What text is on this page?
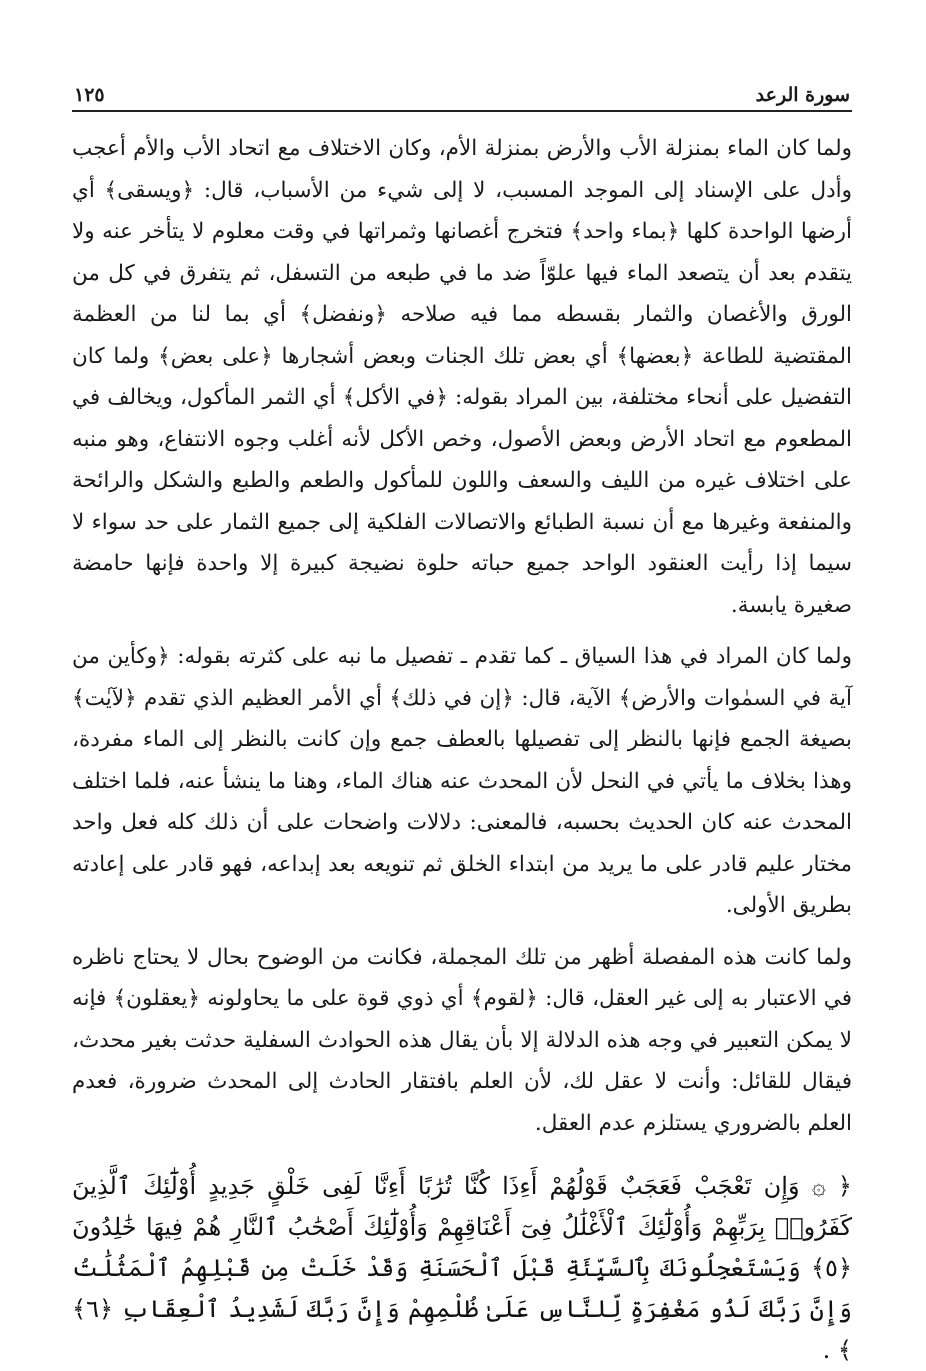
سورة الرعد
١٢٥

ولما كان الماء بمنزلة الأب والأرض بمنزلة الأم، وكان الاختلاف مع اتحاد الأب والأم أعجب وأدل على الإسناد إلى الموجد المسبب، لا إلى شيء من الأسباب، قال: ﴿ويسقى﴾ أي أرضها الواحدة كلها ﴿بماء واحد﴾ فتخرج أغصانها وثمراتها في وقت معلوم لا يتأخر عنه ولا يتقدم بعد أن يتصعد الماء فيها علوّاً ضد ما في طبعه من التسفل، ثم يتفرق في كل من الورق والأغصان والثمار بقسطه مما فيه صلاحه ﴿ونفضل﴾ أي بما لنا من العظمة المقتضية للطاعة ﴿بعضها﴾ أي بعض تلك الجنات وبعض أشجارها ﴿على بعض﴾ ولما كان التفضيل على أنحاء مختلفة، بين المراد بقوله: ﴿في الأكل﴾ أي الثمر المأكول، ويخالف في المطعوم مع اتحاد الأرض وبعض الأصول، وخص الأكل لأنه أغلب وجوه الانتفاع، وهو منبه على اختلاف غيره من الليف والسعف واللون للمأكول والطعم والطبع والشكل والرائحة والمنفعة وغيرها مع أن نسبة الطبائع والاتصالات الفلكية إلى جميع الثمار على حد سواء لا سيما إذا رأيت العنقود الواحد جميع حباته حلوة نضيجة كبيرة إلا واحدة فإنها حامضة صغيرة يابسة.

ولما كان المراد في هذا السياق ـ كما تقدم ـ تفصيل ما نبه على كثرته بقوله: ﴿وكأين من آية في السمٰوات والأرض﴾ الآية، قال: ﴿إن في ذلك﴾ أي الأمر العظيم الذي تقدم ﴿لآيٰت﴾ بصيغة الجمع فإنها بالنظر إلى تفصيلها بالعطف جمع وإن كانت بالنظر إلى الماء مفردة، وهذا بخلاف ما يأتي في النحل لأن المحدث عنه هناك الماء، وهنا ما ينشأ عنه، فلما اختلف المحدث عنه كان الحديث بحسبه، فالمعنى: دلالات واضحات على أن ذلك كله فعل واحد مختار عليم قادر على ما يريد من ابتداء الخلق ثم تنويعه بعد إبداعه، فهو قادر على إعادته بطريق الأولى.

ولما كانت هذه المفصلة أظهر من تلك المجملة، فكانت من الوضوح بحال لا يحتاج ناظره في الاعتبار به إلى غير العقل، قال: ﴿لقوم﴾ أي ذوي قوة على ما يحاولونه ﴿يعقلون﴾ فإنه لا يمكن التعبير في وجه هذه الدلالة إلا بأن يقال هذه الحوادث السفلية حدثت بغير محدث، فيقال للقائل: وأنت لا عقل لك، لأن العلم بافتقار الحادث إلى المحدث ضرورة، فعدم العلم بالضروري يستلزم عدم العقل.

﴿ ۞ وَإِن تَعْجَبْ فَعَجَبٌ قَوْلُهُمْ أَءِذَا كُنَّا تُرَٰبًا أَءِنَّا لَفِى خَلْقٍ جَدِيدٍ أُوْلَٰٓئِكَ ٱلَّذِينَ كَفَرُوا۟ بِرَبِّهِمْ وَأُوْلَٰٓئِكَ ٱلْأَغْلَٰلُ فِىٓ أَعْنَاقِهِمْ وَأُوْلَٰٓئِكَ أَصْحَٰبُ ٱلنَّارِ هُمْ فِيهَا خَٰلِدُونَ ﴿٥﴾ وَيَسْتَعْجِلُونَكَ بِٱلسَّيِّئَةِ قَبْلَ ٱلْحَسَنَةِ وَقَدْ خَلَتْ مِن قَبْلِهِمُ ٱلْمَثُلَٰتُ وَإِنَّ رَبَّكَ لَذُو مَغْفِرَةٍ لِّلنَّاسِ عَلَىٰ ظُلْمِهِمْ وَإِنَّ رَبَّكَ لَشَدِيدُ ٱلْعِقَابِ ﴿٦﴾ ﴾ .
